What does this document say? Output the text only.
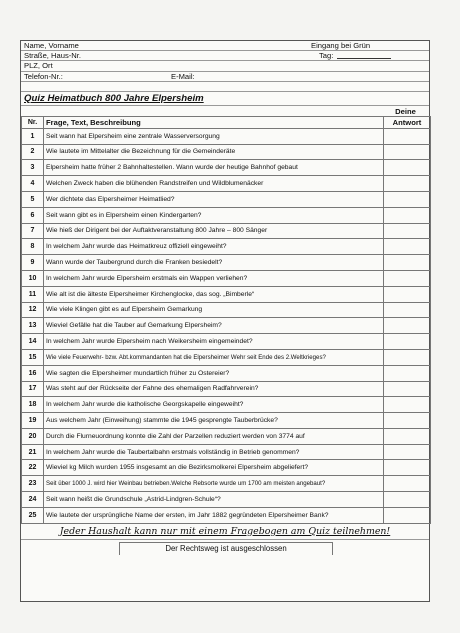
Name, Vorname	Eingang bei Grün
Straße, Haus-Nr.	Tag:
PLZ, Ort
Telefon-Nr.:	E-Mail:
Quiz Heimatbuch 800 Jahre Elpersheim
Deine
Nr.	Frage, Text, Beschreibung	Antwort
1	Seit wann hat Elpersheim eine zentrale Wasserversorgung	
2	Wie lautete im Mittelalter die Bezeichnung für die Gemeinderäte	
3	Elpersheim hatte früher 2 Bahnhaltestellen. Wann wurde der heutige Bahnhof gebaut	
4	Welchen Zweck haben die blühenden Randstreifen und Wildblumenäcker	
5	Wer dichtete das Elpersheimer Heimatlied?	
6	Seit wann gibt es in Elpersheim einen Kindergarten?	
7	Wie hieß der Dirigent bei der Auftaktveranstaltung 800 Jahre – 800 Sänger	
8	In welchem Jahr wurde das Heimatkreuz offiziell eingeweiht?	
9	Wann wurde der Taubergrund durch die Franken besiedelt?	
10	In welchem Jahr wurde Elpersheim erstmals ein Wappen verliehen?	
11	Wie alt ist die älteste Elpersheimer Kirchenglocke, das sog. „Bimberle“	
12	Wie viele Klingen gibt es auf Elpersheim Gemarkung	
13	Wieviel Gefälle hat die Tauber auf Gemarkung Elpersheim?	
14	In welchem Jahr wurde Elpersheim nach Weikersheim eingemeindet?	
15	Wie viele Feuerwehr- bzw. Abt.kommandanten hat die Elpersheimer Wehr seit Ende des 2.Weltkrieges?	
16	Wie sagten die Elpersheimer mundartlich früher zu Ostereier?	
17	Was steht auf der Rückseite der Fahne des ehemaligen Radfahrverein?	
18	In welchem Jahr wurde die katholische Georgskapelle eingeweiht?	
19	Aus welchem Jahr (Einweihung) stammte die 1945 gesprengte Tauberbrücke?	
20	Durch die Flurneuordnung konnte die Zahl der Parzellen reduziert werden von 3774 auf	
21	In welchem Jahr wurde die Taubertalbahn erstmals vollständig in Betrieb genommen?	
22	Wieviel kg Milch wurden 1955 insgesamt an die Bezirksmolkerei Elpersheim abgeliefert?	
23	Seit über 1000 J. wird hier Weinbau betrieben.Welche Rebsorte wurde um 1700 am meisten angebaut?	
24	Seit wann heißt die Grundschule „Astrid-Lindgren-Schule“?	
25	Wie lautete der ursprüngliche Name der ersten, im Jahr 1882 gegründeten Elpersheimer Bank?	
Jeder Haushalt kann nur mit einem Fragebogen am Quiz teilnehmen!
Der Rechtsweg ist ausgeschlossen
